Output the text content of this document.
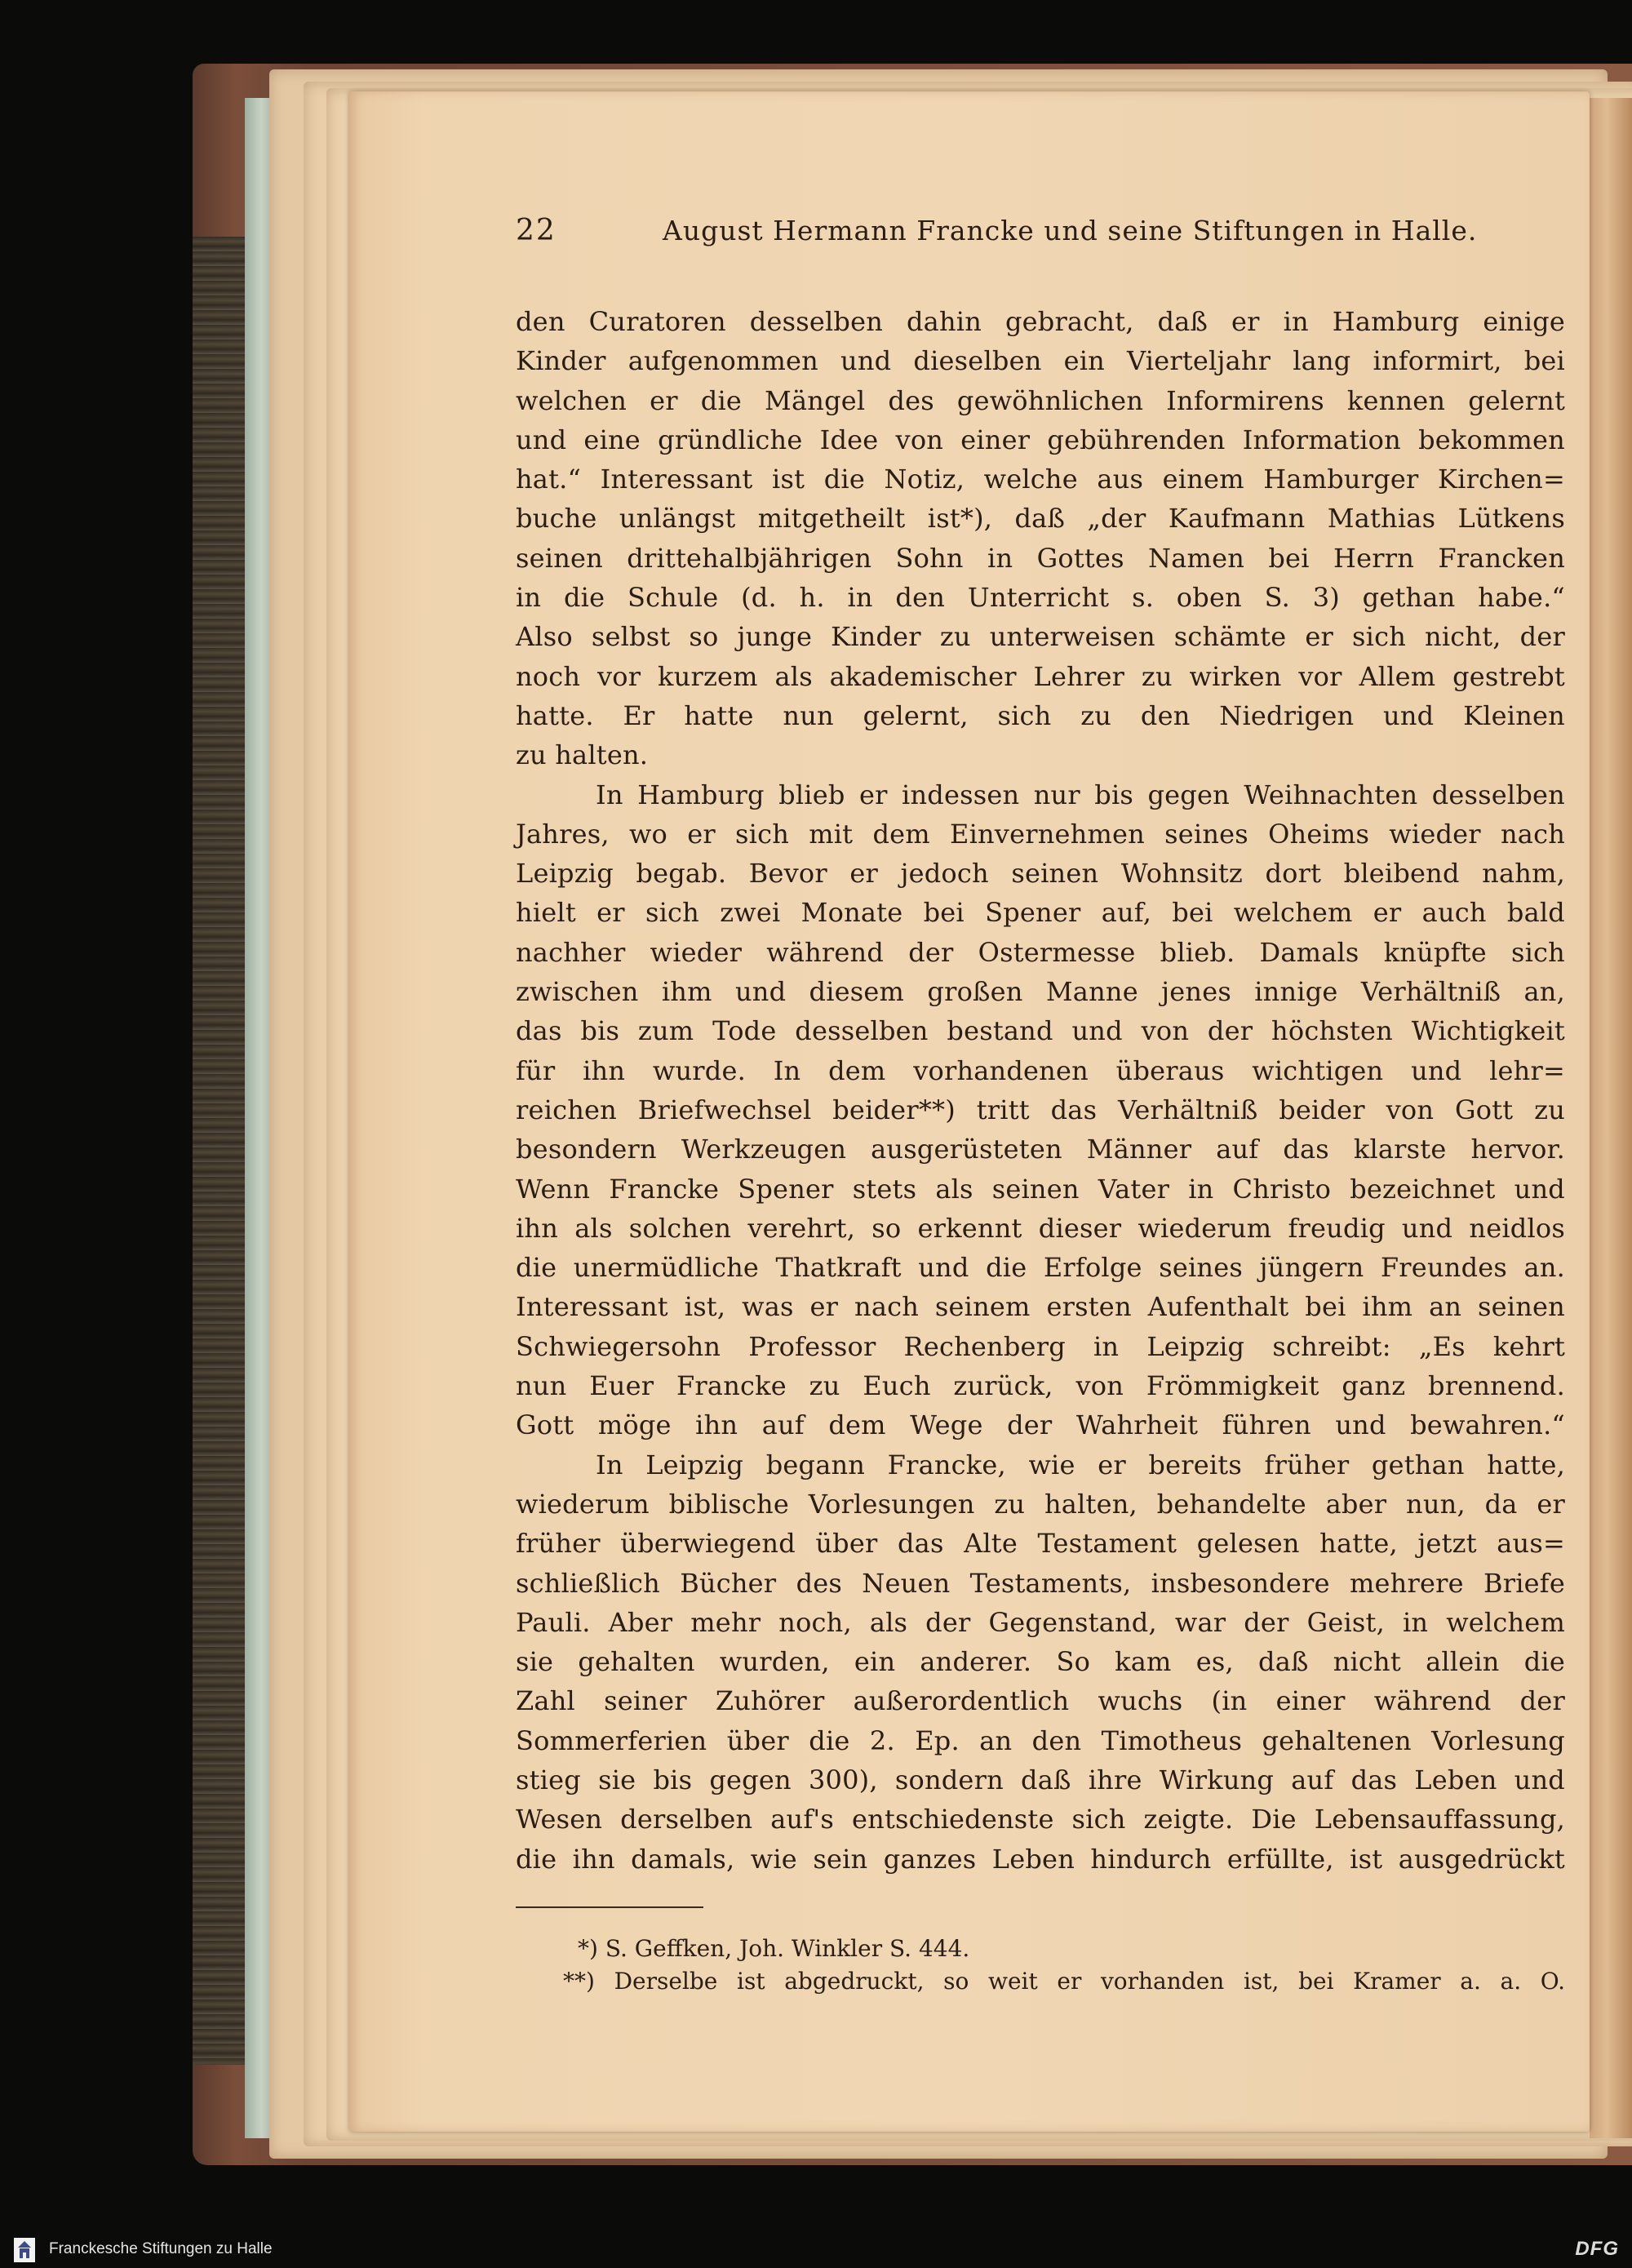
22	August Hermann Francke und seine Stiftungen in Halle.
den Curatoren desselben dahin gebracht, daß er in Hamburg einige
Kinder aufgenommen und dieselben ein Vierteljahr lang informirt, bei
welchen er die Mängel des gewöhnlichen Informirens kennen gelernt
und eine gründliche Idee von einer gebührenden Information bekommen
hat.“ Interessant ist die Notiz, welche aus einem Hamburger Kirchen=
buche unlängst mitgetheilt ist*), daß „der Kaufmann Mathias Lütkens
seinen drittehalbjährigen Sohn in Gottes Namen bei Herrn Francken
in die Schule (d. h. in den Unterricht s. oben S. 3) gethan habe.“
Also selbst so junge Kinder zu unterweisen schämte er sich nicht, der
noch vor kurzem als akademischer Lehrer zu wirken vor Allem gestrebt
hatte. Er hatte nun gelernt, sich zu den Niedrigen und Kleinen
zu halten.
In Hamburg blieb er indessen nur bis gegen Weihnachten desselben
Jahres, wo er sich mit dem Einvernehmen seines Oheims wieder nach
Leipzig begab. Bevor er jedoch seinen Wohnsitz dort bleibend nahm,
hielt er sich zwei Monate bei Spener auf, bei welchem er auch bald
nachher wieder während der Ostermesse blieb. Damals knüpfte sich
zwischen ihm und diesem großen Manne jenes innige Verhältniß an,
das bis zum Tode desselben bestand und von der höchsten Wichtigkeit
für ihn wurde. In dem vorhandenen überaus wichtigen und lehr=
reichen Briefwechsel beider**) tritt das Verhältniß beider von Gott zu
besondern Werkzeugen ausgerüsteten Männer auf das klarste hervor.
Wenn Francke Spener stets als seinen Vater in Christo bezeichnet und
ihn als solchen verehrt, so erkennt dieser wiederum freudig und neidlos
die unermüdliche Thatkraft und die Erfolge seines jüngern Freundes an.
Interessant ist, was er nach seinem ersten Aufenthalt bei ihm an seinen
Schwiegersohn Professor Rechenberg in Leipzig schreibt: „Es kehrt
nun Euer Francke zu Euch zurück, von Frömmigkeit ganz brennend.
Gott möge ihn auf dem Wege der Wahrheit führen und bewahren.“
In Leipzig begann Francke, wie er bereits früher gethan hatte,
wiederum biblische Vorlesungen zu halten, behandelte aber nun, da er
früher überwiegend über das Alte Testament gelesen hatte, jetzt aus=
schließlich Bücher des Neuen Testaments, insbesondere mehrere Briefe
Pauli. Aber mehr noch, als der Gegenstand, war der Geist, in welchem
sie gehalten wurden, ein anderer. So kam es, daß nicht allein die
Zahl seiner Zuhörer außerordentlich wuchs (in einer während der
Sommerferien über die 2. Ep. an den Timotheus gehaltenen Vorlesung
stieg sie bis gegen 300), sondern daß ihre Wirkung auf das Leben und
Wesen derselben auf's entschiedenste sich zeigte. Die Lebensauffassung,
die ihn damals, wie sein ganzes Leben hindurch erfüllte, ist ausgedrückt
*) S. Geffken, Joh. Winkler S. 444.
**) Derselbe ist abgedruckt, so weit er vorhanden ist, bei Kramer a. a. O.
Franckesche Stiftungen zu Halle	DFG
